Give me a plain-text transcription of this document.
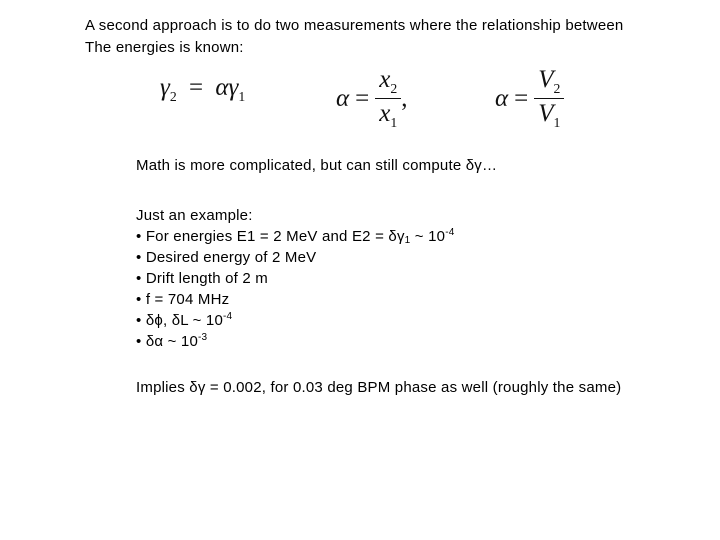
A second approach is to do two measurements where the relationship between
The energies is known:
$\gamma_2 = \alpha\gamma_1$	$\alpha = \frac{x_2}{x_1}$ ,	$\alpha = \frac{V_2}{V_1}$
Math is more complicated, but can still compute δγ…
Just an example:
• For energies E1 = 2 MeV and $E2 = \delta\gamma_1$ ~ $10^{-4}$
• Desired energy of 2 MeV
• Drift length of 2 m
• f = 704 MHz
• δϕ, δL ~ $10^{-4}$
• δα ~ $10^{-3}$
Implies δγ = 0.002, for 0.03 deg BPM phase as well (roughly the same)
